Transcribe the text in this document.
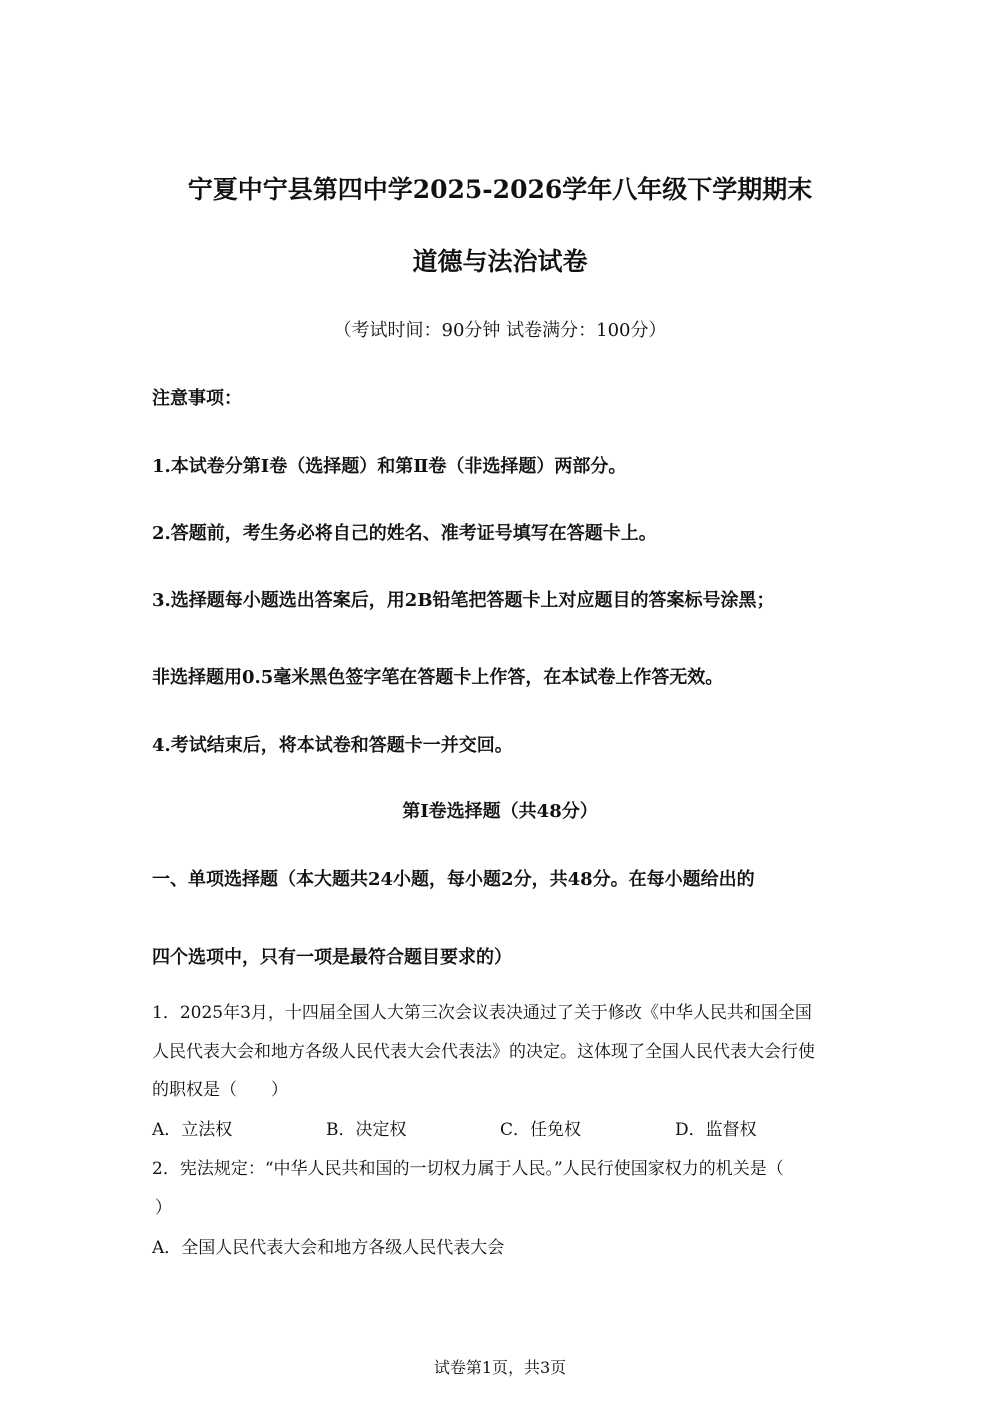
宁夏中宁县第四中学2025-2026学年八年级下学期期末
道德与法治试卷
（考试时间：90分钟 试卷满分：100分）
注意事项：
1.本试卷分第Ⅰ卷（选择题）和第Ⅱ卷（非选择题）两部分。
2.答题前，考生务必将自己的姓名、准考证号填写在答题卡上。
3.选择题每小题选出答案后，用2B铅笔把答题卡上对应题目的答案标号涂黑；
非选择题用0.5毫米黑色签字笔在答题卡上作答，在本试卷上作答无效。
4.考试结束后，将本试卷和答题卡一并交回。
第Ⅰ卷选择题（共48分）
一、单项选择题（本大题共24小题，每小题2分，共48分。在每小题给出的
四个选项中，只有一项是最符合题目要求的）
1．2025年3月，十四届全国人大第三次会议表决通过了关于修改《中华人民共和国全国
人民代表大会和地方各级人民代表大会代表法》的决定。这体现了全国人民代表大会行使
的职权是（　　）
A．立法权	B．决定权	C．任免权	D．监督权
2．宪法规定：“中华人民共和国的一切权力属于人民。”人民行使国家权力的机关是（
）
A．全国人民代表大会和地方各级人民代表大会
试卷第1页，共3页
